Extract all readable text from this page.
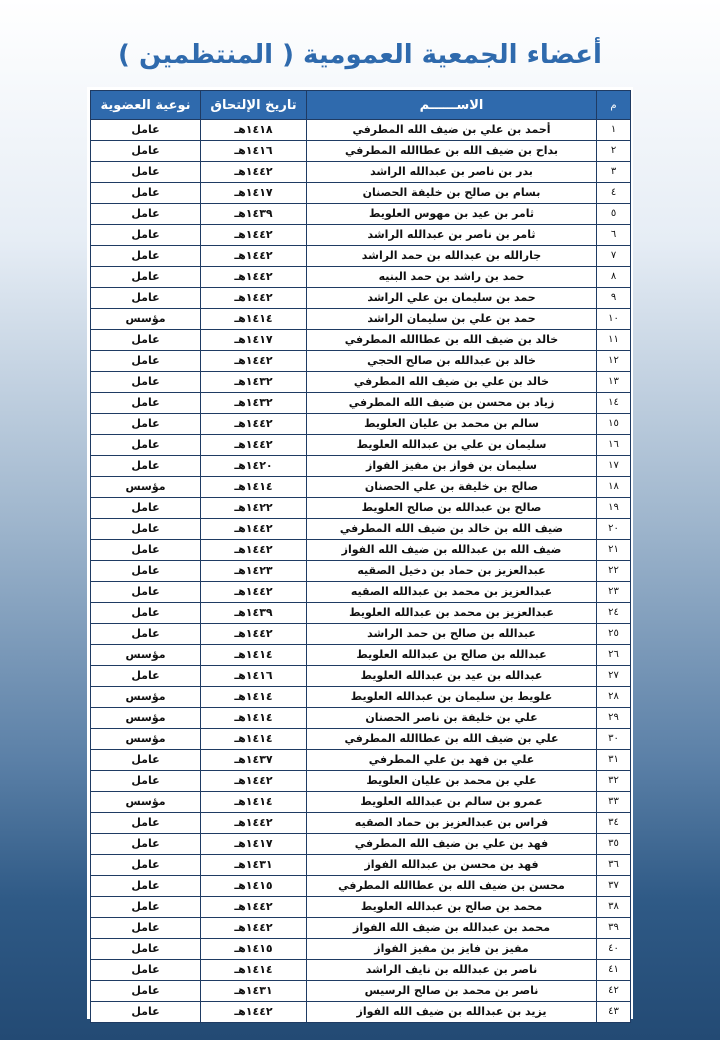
أعضاء الجمعية العمومية ( المنتظمين )
م	الاســــــم	تاريخ الإلتحاق	نوعية العضوية
١	أحمد بن علي بن ضيف الله المطرفي	١٤١٨هـ	عامل
٢	بداح بن ضيف الله بن عطاالله المطرفي	١٤١٦هـ	عامل
٣	بدر بن ناصر بن عبدالله الراشد	١٤٤٢هـ	عامل
٤	بسام بن صالح بن خليفة الحصنان	١٤١٧هـ	عامل
٥	ثامر بن عيد بن مهوس العلويط	١٤٣٩هـ	عامل
٦	ثامر بن ناصر بن عبدالله الراشد	١٤٤٢هـ	عامل
٧	جارالله بن عبدالله بن حمد الراشد	١٤٤٢هـ	عامل
٨	حمد بن راشد بن حمد البنيه	١٤٤٢هـ	عامل
٩	حمد بن سليمان بن علي الراشد	١٤٤٢هـ	عامل
١٠	حمد بن علي بن سليمان الراشد	١٤١٤هـ	مؤسس
١١	خالد بن ضيف الله بن عطاالله المطرفي	١٤١٧هـ	عامل
١٢	خالد بن عبدالله بن صالح الحجي	١٤٤٢هـ	عامل
١٣	خالد بن علي بن ضيف الله المطرفي	١٤٣٢هـ	عامل
١٤	زياد بن محسن بن ضيف الله المطرفي	١٤٣٢هـ	عامل
١٥	سالم بن محمد بن عليان العلويط	١٤٤٢هـ	عامل
١٦	سليمان بن علي بن عبدالله العلويط	١٤٤٢هـ	عامل
١٧	سليمان بن فواز بن مفيز الفواز	١٤٢٠هـ	عامل
١٨	صالح بن خليفة بن علي الحصنان	١٤١٤هـ	مؤسس
١٩	صالح بن عبدالله بن صالح العلويط	١٤٢٢هـ	عامل
٢٠	ضيف الله بن خالد بن ضيف الله المطرفي	١٤٤٢هـ	عامل
٢١	ضيف الله بن عبدالله بن ضيف الله الفواز	١٤٤٢هـ	عامل
٢٢	عبدالعزيز بن حماد بن دخيل الصقيه	١٤٢٣هـ	عامل
٢٣	عبدالعزيز بن محمد بن عبدالله الصقيه	١٤٤٢هـ	عامل
٢٤	عبدالعزيز بن محمد بن عبدالله العلويط	١٤٣٩هـ	عامل
٢٥	عبدالله بن صالح بن حمد الراشد	١٤٤٢هـ	عامل
٢٦	عبدالله بن صالح بن عبدالله العلويط	١٤١٤هـ	مؤسس
٢٧	عبدالله بن عيد بن عبدالله العلويط	١٤١٦هـ	عامل
٢٨	علويط بن سليمان بن عبدالله العلويط	١٤١٤هـ	مؤسس
٢٩	علي بن خليفة بن ناصر الحصنان	١٤١٤هـ	مؤسس
٣٠	علي بن ضيف الله بن عطاالله المطرفي	١٤١٤هـ	مؤسس
٣١	علي بن فهد بن علي المطرفي	١٤٣٧هـ	عامل
٣٢	علي بن محمد بن عليان العلويط	١٤٤٢هـ	عامل
٣٣	عمرو بن سالم بن عبدالله العلويط	١٤١٤هـ	مؤسس
٣٤	فراس بن عبدالعزيز بن حماد الصقيه	١٤٤٢هـ	عامل
٣٥	فهد بن علي بن ضيف الله المطرفي	١٤١٧هـ	عامل
٣٦	فهد بن محسن بن عبدالله الفواز	١٤٣١هـ	عامل
٣٧	محسن بن ضيف الله بن عطاالله المطرفي	١٤١٥هـ	عامل
٣٨	محمد بن صالح بن عبدالله العلويط	١٤٤٢هـ	عامل
٣٩	محمد بن عبدالله بن ضيف الله الفواز	١٤٤٢هـ	عامل
٤٠	مفيز بن فايز بن مفيز الفواز	١٤١٥هـ	عامل
٤١	ناصر بن عبدالله بن نايف الراشد	١٤١٤هـ	عامل
٤٢	ناصر بن محمد بن صالح الرسيس	١٤٣١هـ	عامل
٤٣	يزيد بن عبدالله بن ضيف الله الفواز	١٤٤٢هـ	عامل
